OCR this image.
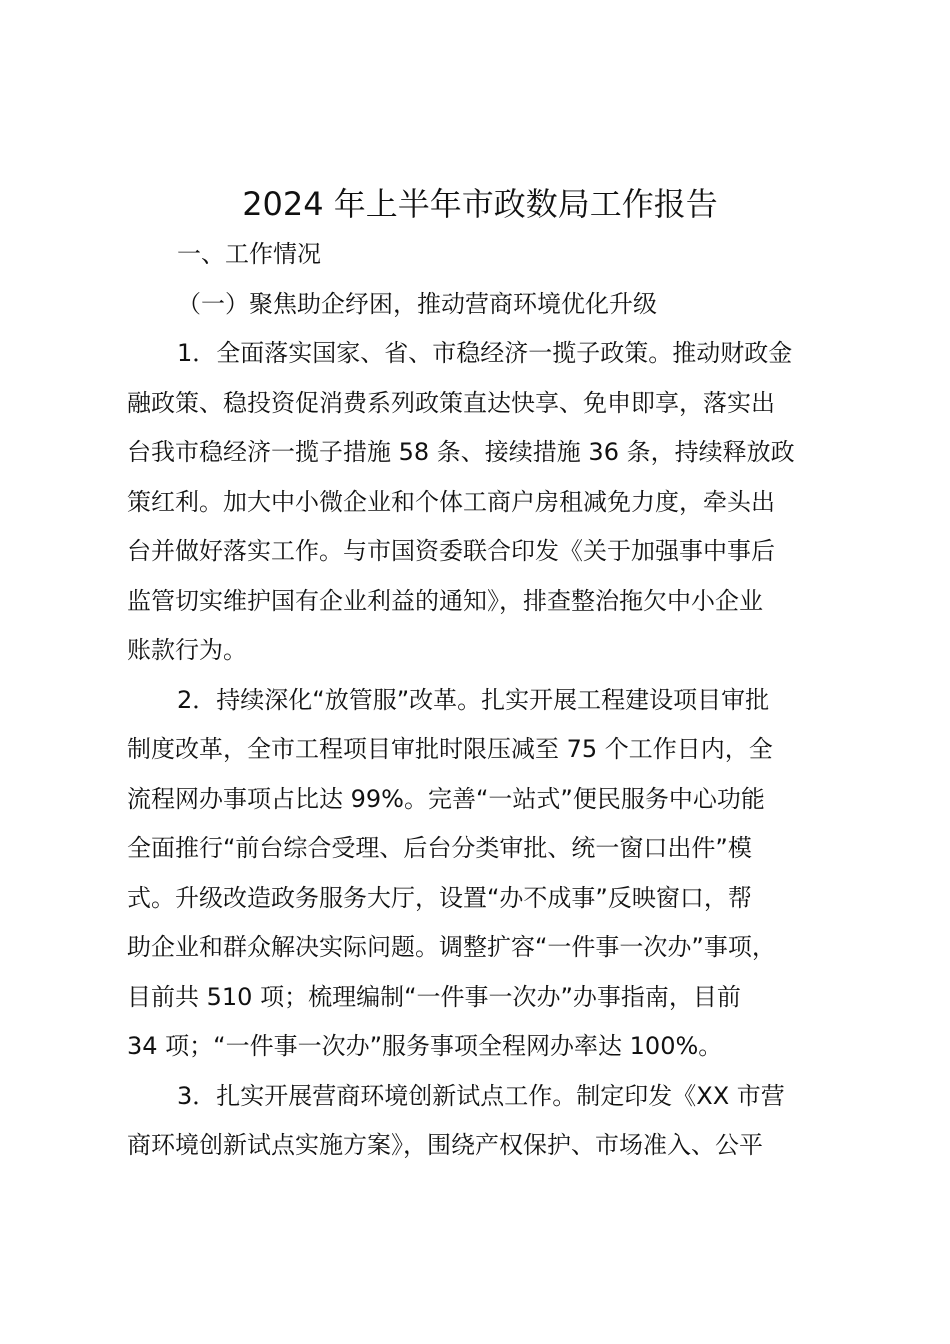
2024 年上半年市政数局工作报告
一、工作情况
（一）聚焦助企纾困，推动营商环境优化升级
1．全面落实国家、省、市稳经济一揽子政策。推动财政金
融政策、稳投资促消费系列政策直达快享、免申即享，落实出
台我市稳经济一揽子措施 58 条、接续措施 36 条，持续释放政
策红利。加大中小微企业和个体工商户房租减免力度，牵头出
台并做好落实工作。与市国资委联合印发《关于加强事中事后
监管切实维护国有企业利益的通知》，排查整治拖欠中小企业
账款行为。
2．持续深化“放管服”改革。扎实开展工程建设项目审批
制度改革，全市工程项目审批时限压减至 75 个工作日内，全
流程网办事项占比达 99%。完善“一站式”便民服务中心功能
全面推行“前台综合受理、后台分类审批、统一窗口出件”模
式。升级改造政务服务大厅，设置“办不成事”反映窗口，帮
助企业和群众解决实际问题。调整扩容“一件事一次办”事项，
目前共 510 项；梳理编制“一件事一次办”办事指南，目前
34 项；“一件事一次办”服务事项全程网办率达 100%。
3．扎实开展营商环境创新试点工作。制定印发《XX 市营
商环境创新试点实施方案》，围绕产权保护、市场准入、公平
